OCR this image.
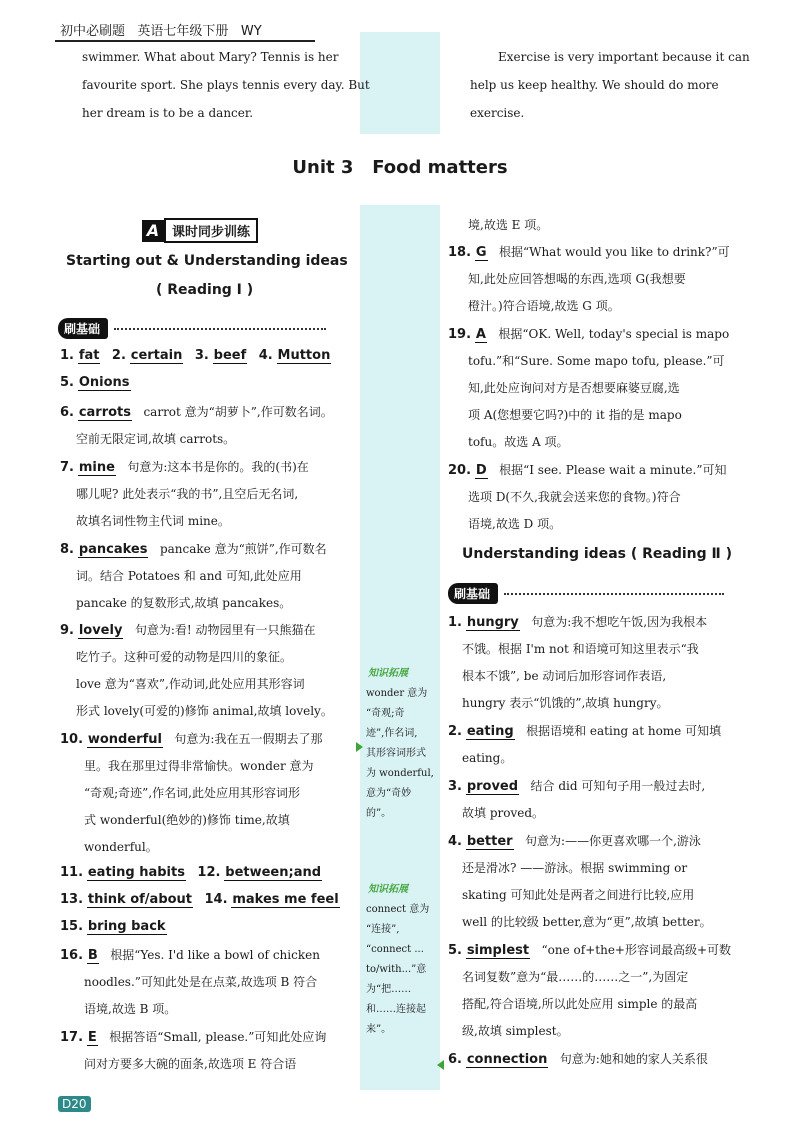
初中必刷题 英语七年级下册 WY
swimmer. What about Mary? Tennis is her
favourite sport. She plays tennis every day. But
her dream is to be a dancer.
Exercise is very important because it can
help us keep healthy. We should do more
exercise.
Unit 3   Food matters
A 课时同步训练
Starting out & Understanding ideas
( Reading Ⅰ )
刷基础
1. fat 2. certain 3. beef 4. Mutton
5. Onions
6. carrots carrot 意为“胡萝卜”,作可数名词。
空前无限定词,故填 carrots。
7. mine 句意为:这本书是你的。我的(书)在
哪儿呢? 此处表示“我的书”,且空后无名词,
故填名词性物主代词 mine。
8. pancakes pancake 意为“煎饼”,作可数名
词。结合 Potatoes 和 and 可知,此处应用
pancake 的复数形式,故填 pancakes。
9. lovely 句意为:看! 动物园里有一只熊猫在
吃竹子。这种可爱的动物是四川的象征。
love 意为“喜欢”,作动词,此处应用其形容词
形式 lovely(可爱的)修饰 animal,故填 lovely。
10. wonderful 句意为:我在五一假期去了那
里。我在那里过得非常愉快。wonder 意为
“奇观;奇迹”,作名词,此处应用其形容词形
式 wonderful(绝妙的)修饰 time,故填
wonderful。
11. eating habits 12. between;and
13. think of/about 14. makes me feel
15. bring back
16. B 根据“Yes. I'd like a bowl of chicken
noodles.”可知此处是在点菜,故选项 B 符合
语境,故选 B 项。
17. E 根据答语“Small, please.”可知此处应询
问对方要多大碗的面条,故选项 E 符合语
知识拓展
wonder 意为
“奇观;奇
迹”,作名词,
其形容词形式
为 wonderful,
意为“奇妙
的”。
知识拓展
connect 意为
“连接”,
“connect ...
to/with...”意
为“把……
和……连接起
来”。
境,故选 E 项。
18. G 根据“What would you like to drink?”可
知,此处应回答想喝的东西,选项 G(我想要
橙汁。)符合语境,故选 G 项。
19. A 根据“OK. Well, today's special is mapo
tofu.”和“Sure. Some mapo tofu, please.”可
知,此处应询问对方是否想要麻婆豆腐,选
项 A(您想要它吗?)中的 it 指的是 mapo
tofu。故选 A 项。
20. D 根据“I see. Please wait a minute.”可知
选项 D(不久,我就会送来您的食物。)符合
语境,故选 D 项。
Understanding ideas ( Reading Ⅱ )
刷基础
1. hungry 句意为:我不想吃午饭,因为我根本
不饿。根据 I'm not 和语境可知这里表示“我
根本不饿”, be 动词后加形容词作表语,
hungry 表示“饥饿的”,故填 hungry。
2. eating 根据语境和 eating at home 可知填
eating。
3. proved 结合 did 可知句子用一般过去时,
故填 proved。
4. better 句意为:——你更喜欢哪一个,游泳
还是滑冰? ——游泳。根据 swimming or
skating 可知此处是两者之间进行比较,应用
well 的比较级 better,意为“更”,故填 better。
5. simplest “one of+the+形容词最高级+可数
名词复数”意为“最……的……之一”,为固定
搭配,符合语境,所以此处应用 simple 的最高
级,故填 simplest。
6. connection 句意为:她和她的家人关系很
D20
